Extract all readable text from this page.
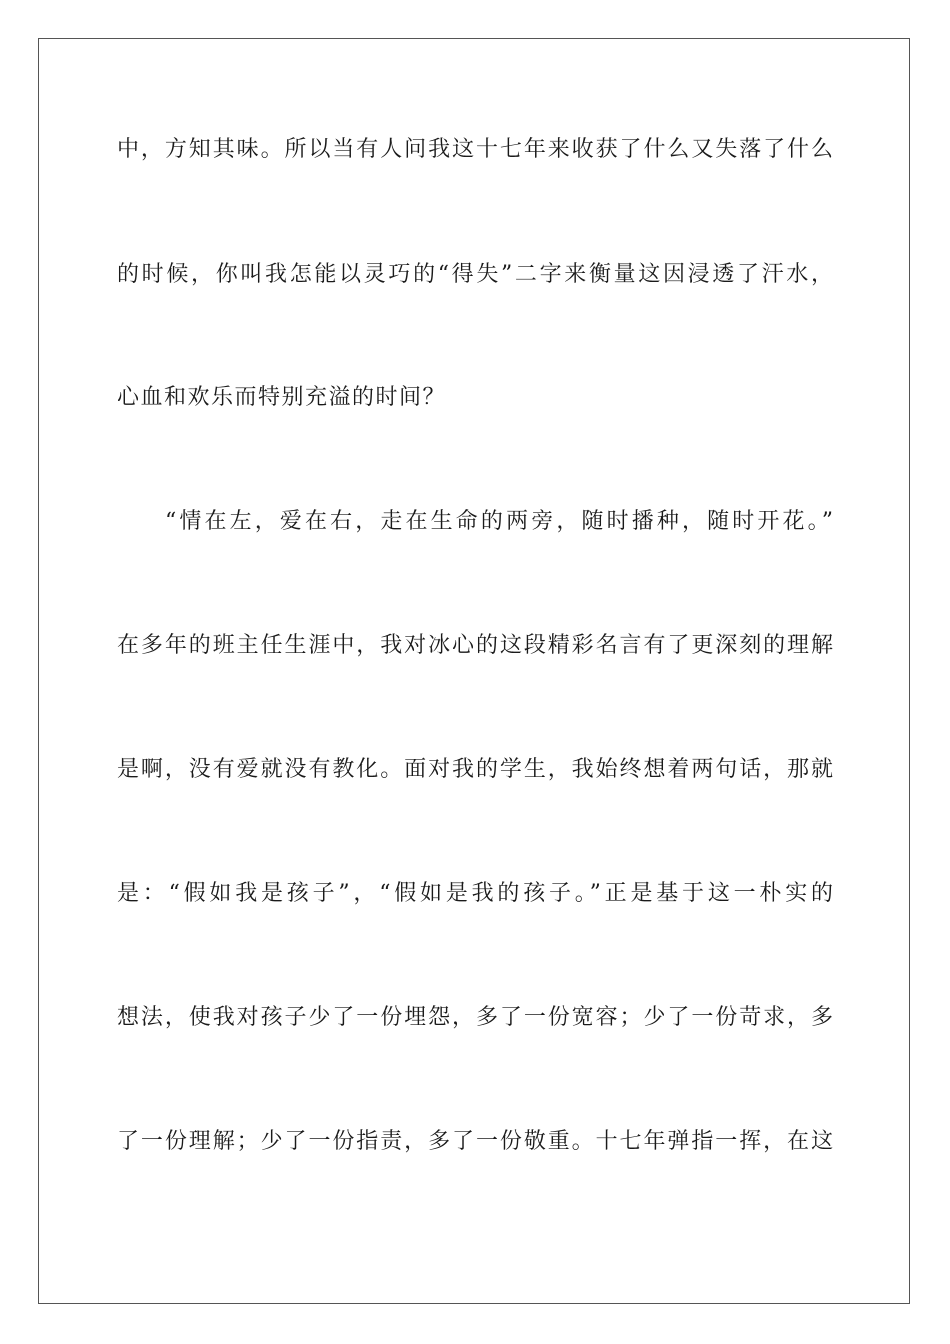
中，方知其味。所以当有人问我这十七年来收获了什么又失落了什么
的时候，你叫我怎能以灵巧的“得失”二字来衡量这因浸透了汗水，
心血和欢乐而特别充溢的时间？
“情在左，爱在右，走在生命的两旁，随时播种，随时开花。”
在多年的班主任生涯中，我对冰心的这段精彩名言有了更深刻的理解
是啊，没有爱就没有教化。面对我的学生，我始终想着两句话，那就
是：“假如我是孩子”，“假如是我的孩子。”正是基于这一朴实的
想法，使我对孩子少了一份埋怨，多了一份宽容；少了一份苛求，多
了一份理解；少了一份指责，多了一份敬重。十七年弹指一挥，在这
